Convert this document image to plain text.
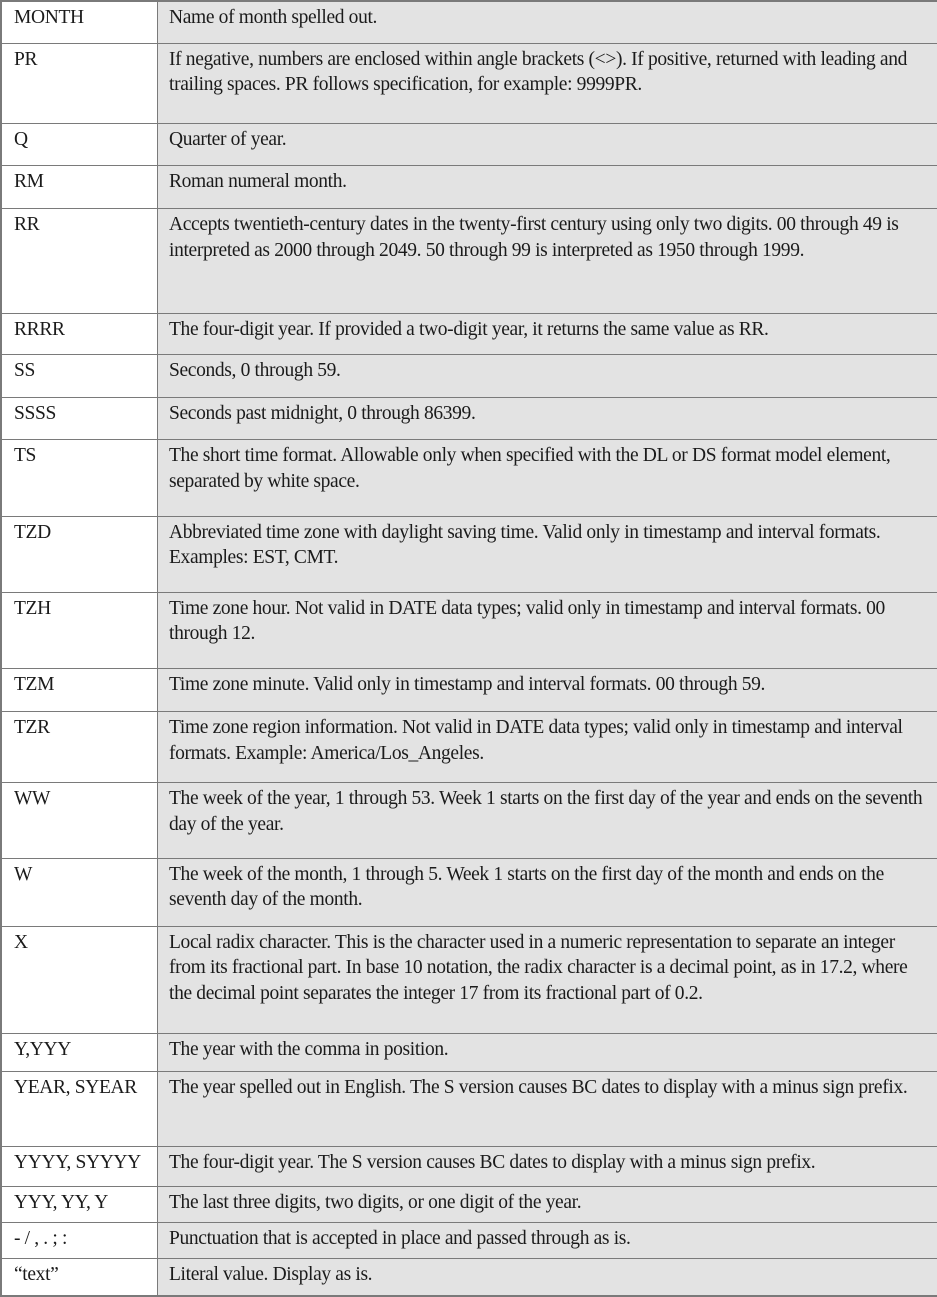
MONTH	Name of month spelled out.
PR	If negative, numbers are enclosed within angle brackets (<>). If positive, returned with leading and trailing spaces. PR follows specification, for example: 9999PR.
Q	Quarter of year.
RM	Roman numeral month.
RR	Accepts twentieth-century dates in the twenty-first century using only two digits. 00 through 49 is interpreted as 2000 through 2049. 50 through 99 is interpreted as 1950 through 1999.
RRRR	The four-digit year. If provided a two-digit year, it returns the same value as RR.
SS	Seconds, 0 through 59.
SSSS	Seconds past midnight, 0 through 86399.
TS	The short time format. Allowable only when specified with the DL or DS format model element, separated by white space.
TZD	Abbreviated time zone with daylight saving time. Valid only in timestamp and interval formats. Examples: EST, CMT.
TZH	Time zone hour. Not valid in DATE data types; valid only in timestamp and interval formats. 00 through 12.
TZM	Time zone minute. Valid only in timestamp and interval formats. 00 through 59.
TZR	Time zone region information. Not valid in DATE data types; valid only in timestamp and interval formats. Example: America/Los_Angeles.
WW	The week of the year, 1 through 53. Week 1 starts on the first day of the year and ends on the seventh day of the year.
W	The week of the month, 1 through 5. Week 1 starts on the first day of the month and ends on the seventh day of the month.
X	Local radix character. This is the character used in a numeric representation to separate an integer from its fractional part. In base 10 notation, the radix character is a decimal point, as in 17.2, where the decimal point separates the integer 17 from its fractional part of 0.2.
Y,YYY	The year with the comma in position.
YEAR, SYEAR	The year spelled out in English. The S version causes BC dates to display with a minus sign prefix.
YYYY, SYYYY	The four-digit year. The S version causes BC dates to display with a minus sign prefix.
YYY, YY, Y	The last three digits, two digits, or one digit of the year.
- / , . ; :	Punctuation that is accepted in place and passed through as is.
“text”	Literal value. Display as is.
